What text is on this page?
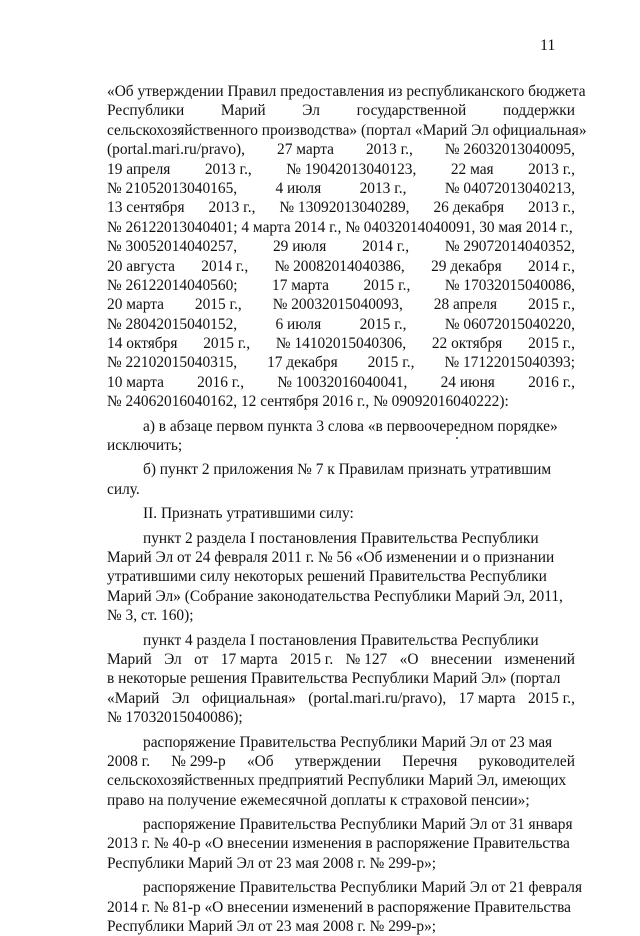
11
«Об утверждении Правил предоставления из республиканского бюджета
Республики Марий Эл государственной поддержки
сельскохозяйственного производства» (портал «Марий Эл официальная»
(portal.mari.ru/pravo), 27 марта 2013 г., № 26032013040095,
19 апреля 2013 г., № 19042013040123, 22 мая 2013 г.,
№ 21052013040165, 4 июля 2013 г., № 04072013040213,
13 сентября 2013 г., № 13092013040289, 26 декабря 2013 г.,
№ 26122013040401; 4 марта 2014 г., № 04032014040091, 30 мая 2014 г.,
№ 30052014040257, 29 июля 2014 г., № 29072014040352,
20 августа 2014 г., № 20082014040386, 29 декабря 2014 г.,
№ 26122014040560; 17 марта 2015 г., № 17032015040086,
20 марта 2015 г., № 20032015040093, 28 апреля 2015 г.,
№ 28042015040152, 6 июля 2015 г., № 06072015040220,
14 октября 2015 г., № 14102015040306, 22 октября 2015 г.,
№ 22102015040315, 17 декабря 2015 г., № 17122015040393;
10 марта 2016 г., № 10032016040041, 24 июня 2016 г.,
№ 24062016040162, 12 сентября 2016 г., № 09092016040222):
а) в абзаце первом пункта 3 слова «в первоочередном порядке»
исключить;
б) пункт 2 приложения № 7 к Правилам признать утратившим
силу.
II. Признать утратившими силу:
пункт 2 раздела I постановления Правительства Республики
Марий Эл от 24 февраля 2011 г. № 56 «Об изменении и о признании
утратившими силу некоторых решений Правительства Республики
Марий Эл» (Собрание законодательства Республики Марий Эл, 2011,
№ 3, ст. 160);
пункт 4 раздела I постановления Правительства Республики
Марий Эл от 17 марта 2015 г. № 127 «О внесении изменений
в некоторые решения Правительства Республики Марий Эл» (портал
«Марий Эл официальная» (portal.mari.ru/pravo), 17 марта 2015 г.,
№ 17032015040086);
распоряжение Правительства Республики Марий Эл от 23 мая
2008 г. № 299-р «Об утверждении Перечня руководителей
сельскохозяйственных предприятий Республики Марий Эл, имеющих
право на получение ежемесячной доплаты к страховой пенсии»;
распоряжение Правительства Республики Марий Эл от 31 января
2013 г. № 40-р «О внесении изменения в распоряжение Правительства
Республики Марий Эл от 23 мая 2008 г. № 299-р»;
распоряжение Правительства Республики Марий Эл от 21 февраля
2014 г. № 81-р «О внесении изменений в распоряжение Правительства
Республики Марий Эл от 23 мая 2008 г. № 299-р»;
